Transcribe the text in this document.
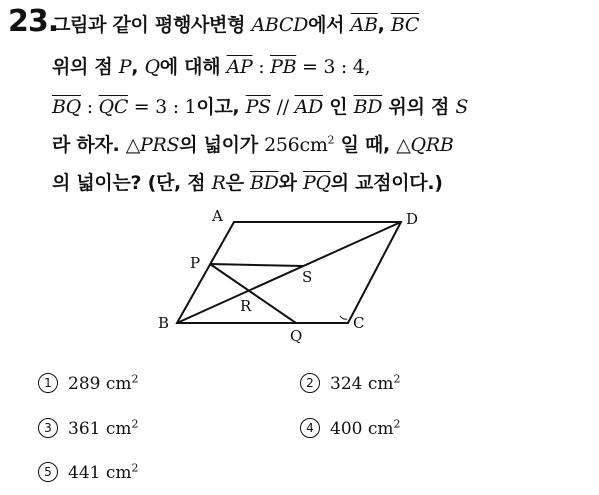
23.
그림과 같이 평행사변형 ABCD에서 $\overline{AB}$, $\overline{BC}$
위의 점 P, Q에 대해 $\overline{AP}$ : $\overline{PB} = 3$ : 4,
$\overline{BQ}$ : $\overline{QC} = 3$ : 1이고, $\overline{PS} // \overline{AD}$ 인 $\overline{BD}$ 위의 점 S
라 하자. △PRS의 넓이가 $256cm^2$ 일 때, △QRB
의 넓이는? (단, 점 R은 $\overline{BD}$와 $\overline{PQ}$의 교점이다.)
A	D
P
S
R
B
Q
C
1 289 $cm^2$	2 324 $cm^2$
3 361 $cm^2$	4 400 $cm^2$
5 441 $cm^2$
